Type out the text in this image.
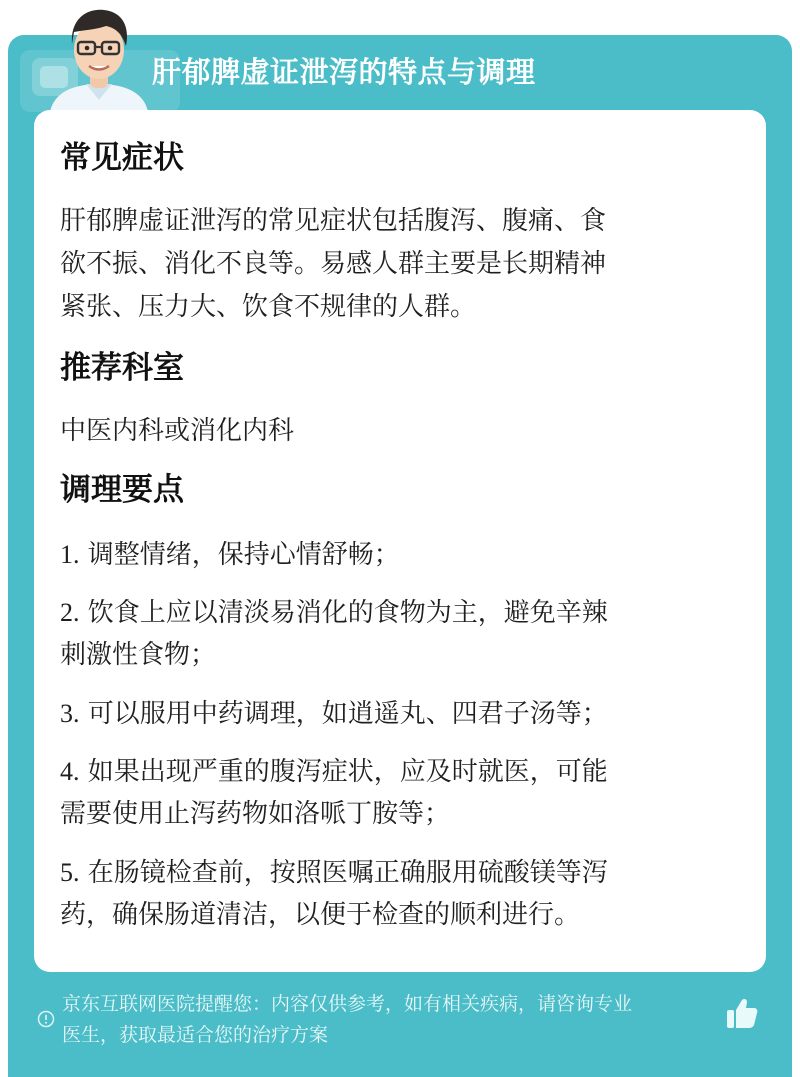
肝郁脾虚证泄泻的特点与调理
常见症状

肝郁脾虚证泄泻的常见症状包括腹泻、腹痛、食

欲不振、消化不良等。易感人群主要是长期精神

紧张、压力大、饮食不规律的人群。

推荐科室

中医内科或消化内科

调理要点

1. 调整情绪，保持心情舒畅；

2. 饮食上应以清淡易消化的食物为主，避免辛辣

刺激性食物；

3. 可以服用中药调理，如逍遥丸、四君子汤等；

4. 如果出现严重的腹泻症状，应及时就医，可能

需要使用止泻药物如洛哌丁胺等；

5. 在肠镜检查前，按照医嘱正确服用硫酸镁等泻

药，确保肠道清洁，以便于检查的顺利进行。

京东互联网医院提醒您：内容仅供参考，如有相关疾病，请咨询专业
医生，获取最适合您的治疗方案
